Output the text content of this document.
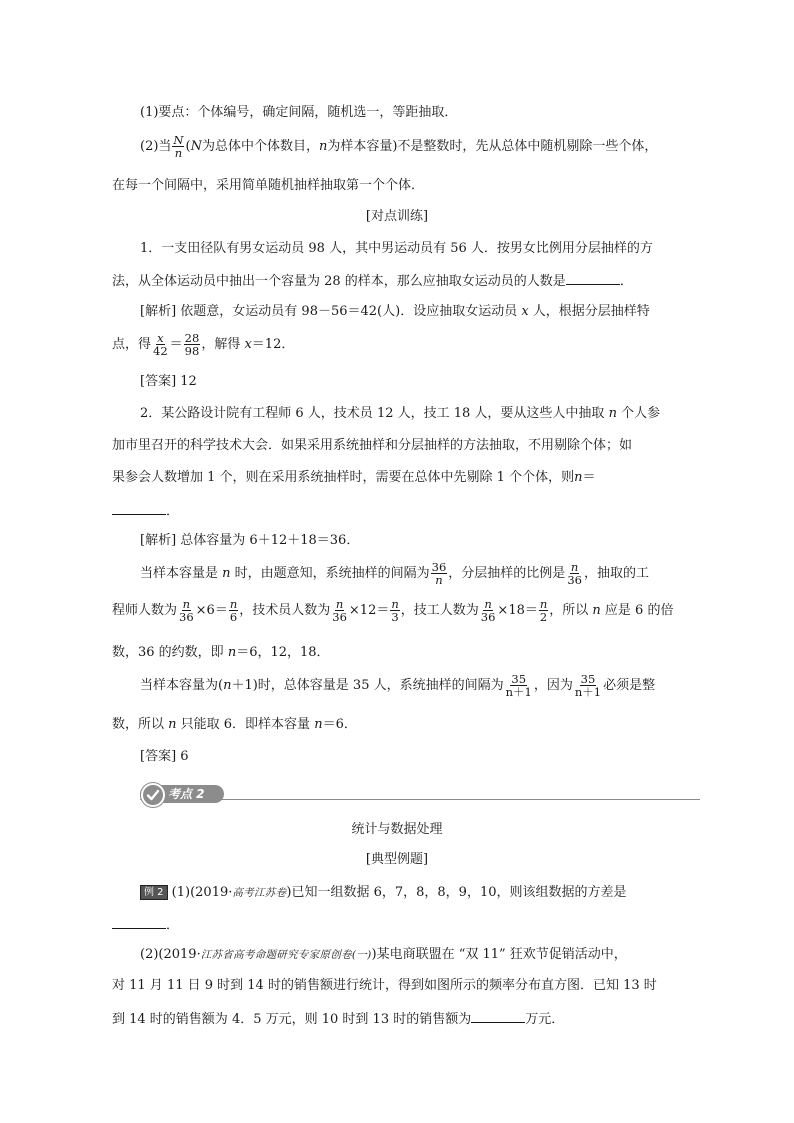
(1)要点：个体编号，确定间隔，随机选一，等距抽取．
(2)当 $\frac{N}{n} (N$为总体中个体数目，n为样本容量)不是整数时，先从总体中随机剔除一些个体，
在每一个间隔中，采用简单随机抽样抽取第一个个体．
[对点训练]
1．一支田径队有男女运动员 98 人，其中男运动员有 56 人．按男女比例用分层抽样的方
法，从全体运动员中抽出一个容量为 28 的样本，那么应抽取女运动员的人数是	．
[解析] 依题意，女运动员有 98－56＝42(人)．设应抽取女运动员 x 人，根据分层抽样特
点，得 $\frac{x}{42} = \frac{28}{98}$ ，解得 x＝12．
[答案] 12
2．某公路设计院有工程师 6 人，技术员 12 人，技工 18 人，要从这些人中抽取 n 个人参
加市里召开的科学技术大会．如果采用系统抽样和分层抽样的方法抽取，不用剔除个体；如
果参会人数增加 1 个，则在采用系统抽样时，需要在总体中先剔除 1 个个体，则n＝
．
[解析] 总体容量为 6＋12＋18＝36．
当样本容量是 n 时，由题意知，系统抽样的间隔为 $\frac{36}{n}$ ，分层抽样的比例是 $\frac{n}{36}$ ，抽取的工
程师人数为 $\frac{n}{36} \times 6= \frac{n}{6}$ ，技术员人数为 $\frac{n}{36} \times 12= \frac{n}{3}$ ，技工人数为 $\frac{n}{36} \times 18= \frac{n}{2}$ ，所以 n 应是 6 的倍
数，36 的约数，即 n＝6，12，18．
当样本容量为(n＋1)时，总体容量是 35 人，系统抽样的间隔为 $\frac{35}{n+1}$ ，因为 $\frac{35}{n+1}$ 必须是整
数，所以 n 只能取 6．即样本容量 n＝6．
[答案] 6
考点 2
统计与数据处理
[典型例题]
例 2 (1)(2019·高考江苏卷)已知一组数据 6，7，8，8，9，10，则该组数据的方差是
．
(2)(2019·江苏省高考命题研究专家原创卷(一))某电商联盟在 “双 11” 狂欢节促销活动中，
对 11 月 11 日 9 时到 14 时的销售额进行统计，得到如图所示的频率分布直方图．已知 13 时
到 14 时的销售额为 4．5 万元，则 10 时到 13 时的销售额为	万元．
